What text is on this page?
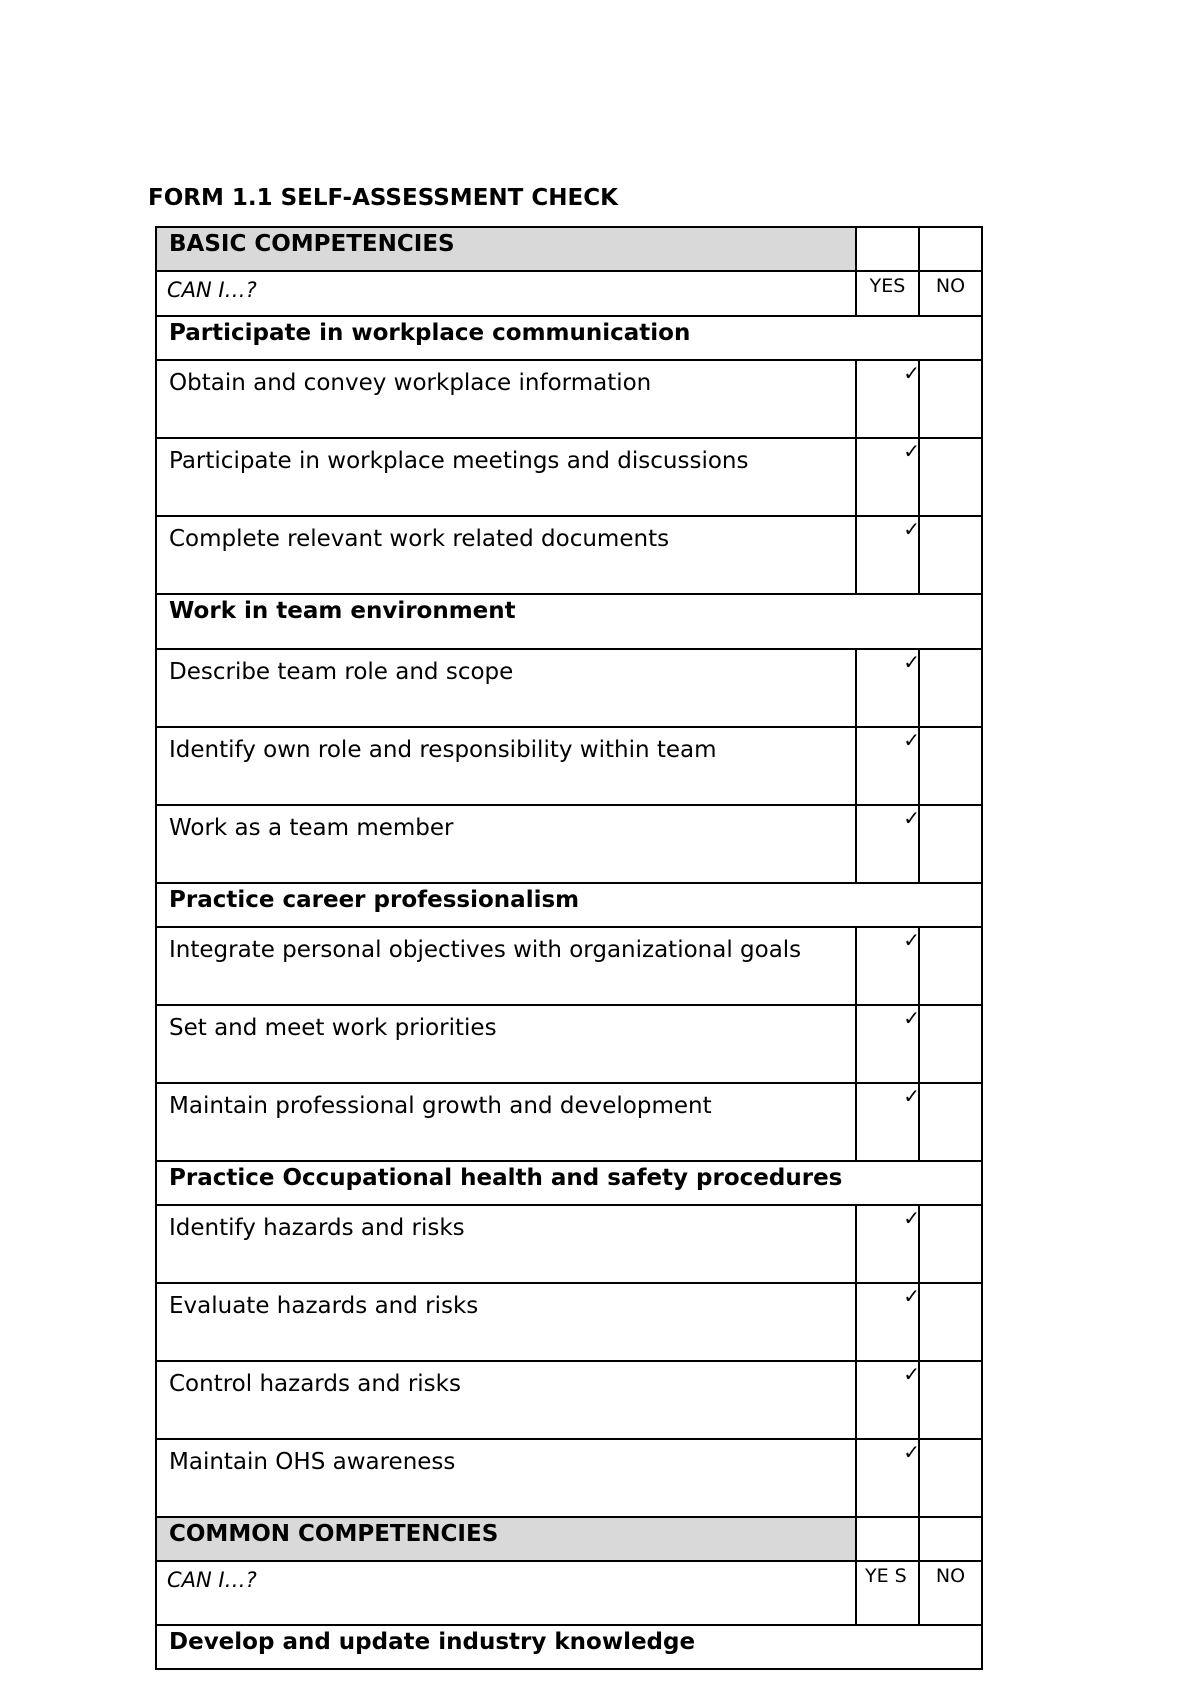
FORM 1.1 SELF-ASSESSMENT CHECK
BASIC COMPETENCIES		
CAN I…?	YES	NO
Participate in workplace communication		
Obtain and convey workplace information	✓	

Participate in workplace meetings and discussions	✓	

Complete relevant work related documents	✓	

Work in team environment		
Describe team role and scope	✓	

Identify own role and responsibility within team	✓	

Work as a team member	✓	

Practice career professionalism		
Integrate personal objectives with organizational goals	✓	

Set and meet work priorities	✓	

Maintain professional growth and development	✓	

Practice Occupational health and safety procedures		
Identify hazards and risks	✓	

Evaluate hazards and risks	✓	

Control hazards and risks	✓	

Maintain OHS awareness	✓	

COMMON COMPETENCIES		
CAN I…?	YE S	NO
Develop and update industry knowledge		
